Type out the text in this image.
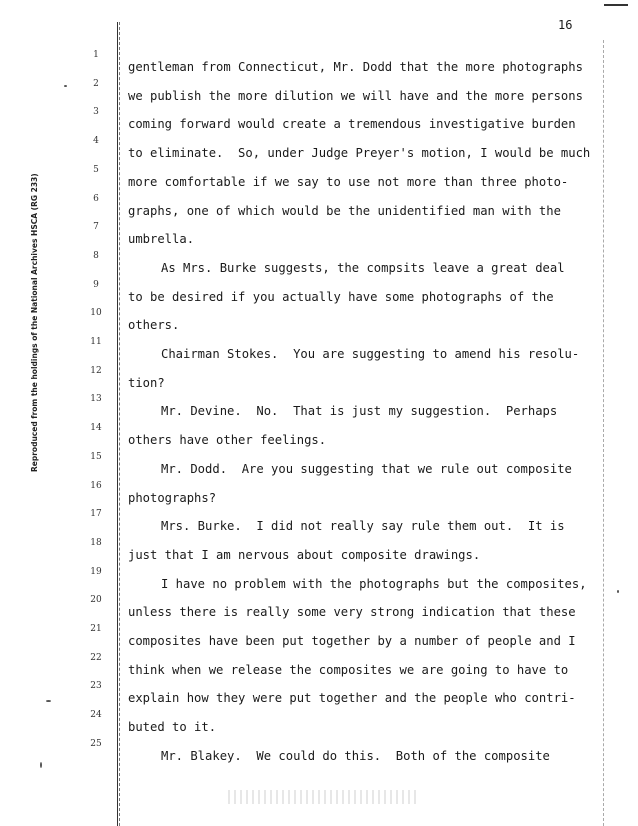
16
Reproduced from the holdings of the National Archives HSCA (RG 233)
1
2
3
4
5
6
7
8
9
10
11
12
13
14
15
16
17
18
19
20
21
22
23
24
25
gentleman from Connecticut, Mr. Dodd that the more photographs
we publish the more dilution we will have and the more persons
coming forward would create a tremendous investigative burden
to eliminate.  So, under Judge Preyer's motion, I would be much
more comfortable if we say to use not more than three photo-
graphs, one of which would be the unidentified man with the
umbrella.
As Mrs. Burke suggests, the compsits leave a great deal
to be desired if you actually have some photographs of the
others.
Chairman Stokes.  You are suggesting to amend his resolu-
tion?
Mr. Devine.  No.  That is just my suggestion.  Perhaps
others have other feelings.
Mr. Dodd.  Are you suggesting that we rule out composite
photographs?
Mrs. Burke.  I did not really say rule them out.  It is
just that I am nervous about composite drawings.
I have no problem with the photographs but the composites,
unless there is really some very strong indication that these
composites have been put together by a number of people and I
think when we release the composites we are going to have to
explain how they were put together and the people who contri-
buted to it.
Mr. Blakey.  We could do this.  Both of the composite
